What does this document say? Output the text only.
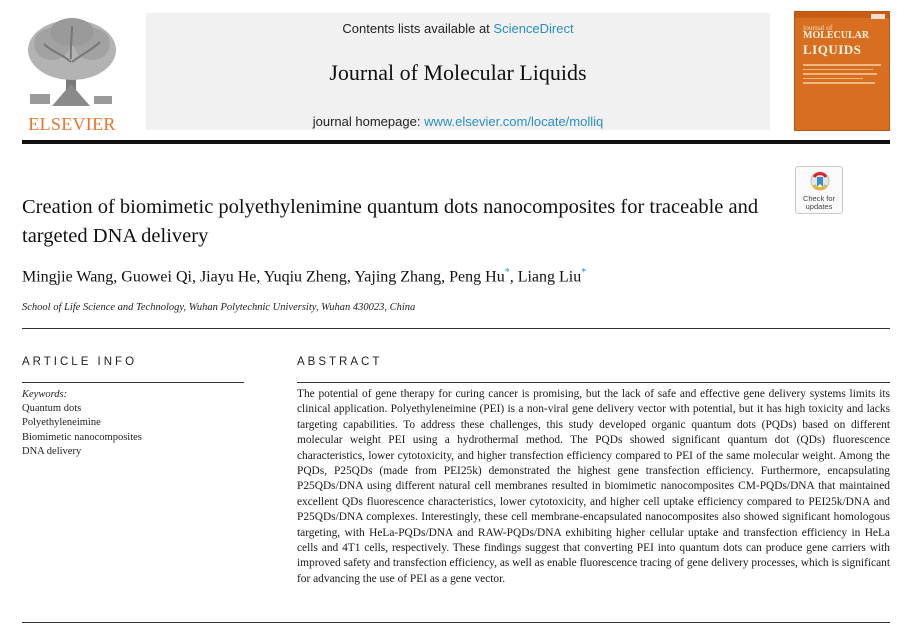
ELSEVIER
Contents lists available at ScienceDirect
Journal of Molecular Liquids
journal homepage: www.elsevier.com/locate/molliq
journal of
MOLECULAR
LIQUIDS
Check for
updates
Creation of biomimetic polyethylenimine quantum dots nanocomposites for traceable and targeted DNA delivery
Mingjie Wang, Guowei Qi, Jiayu He, Yuqiu Zheng, Yajing Zhang, Peng Hu*, Liang Liu*
School of Life Science and Technology, Wuhan Polytechnic University, Wuhan 430023, China
ARTICLE INFO
Keywords:
Quantum dots
Polyethyleneimine
Biomimetic nanocomposites
DNA delivery
ABSTRACT

The potential of gene therapy for curing cancer is promising, but the lack of safe and effective gene delivery systems limits its clinical application. Polyethyleneimine (PEI) is a non-viral gene delivery vector with potential, but it has high toxicity and lacks targeting capabilities. To address these challenges, this study developed organic quantum dots (PQDs) based on different molecular weight PEI using a hydrothermal method. The PQDs showed significant quantum dot (QDs) fluorescence characteristics, lower cytotoxicity, and higher transfection efficiency compared to PEI of the same molecular weight. Among the PQDs, P25QDs (made from PEI25k) demonstrated the highest gene transfection efficiency. Furthermore, encapsulating P25QDs/DNA using different natural cell membranes resulted in biomimetic nanocomposites CM-PQDs/DNA that maintained excellent QDs fluorescence characteristics, lower cytotoxicity, and higher cell uptake efficiency compared to PEI25k/DNA and P25QDs/DNA complexes. Interestingly, these cell membrane-encapsulated nanocomposites also showed significant homologous targeting, with HeLa-PQDs/DNA and RAW-PQDs/DNA exhibiting higher cellular uptake and transfection efficiency in HeLa cells and 4T1 cells, respectively. These findings suggest that converting PEI into quantum dots can produce gene carriers with improved safety and transfection efficiency, as well as enable fluorescence tracing of gene delivery processes, which is significant for advancing the use of PEI as a gene vector.
